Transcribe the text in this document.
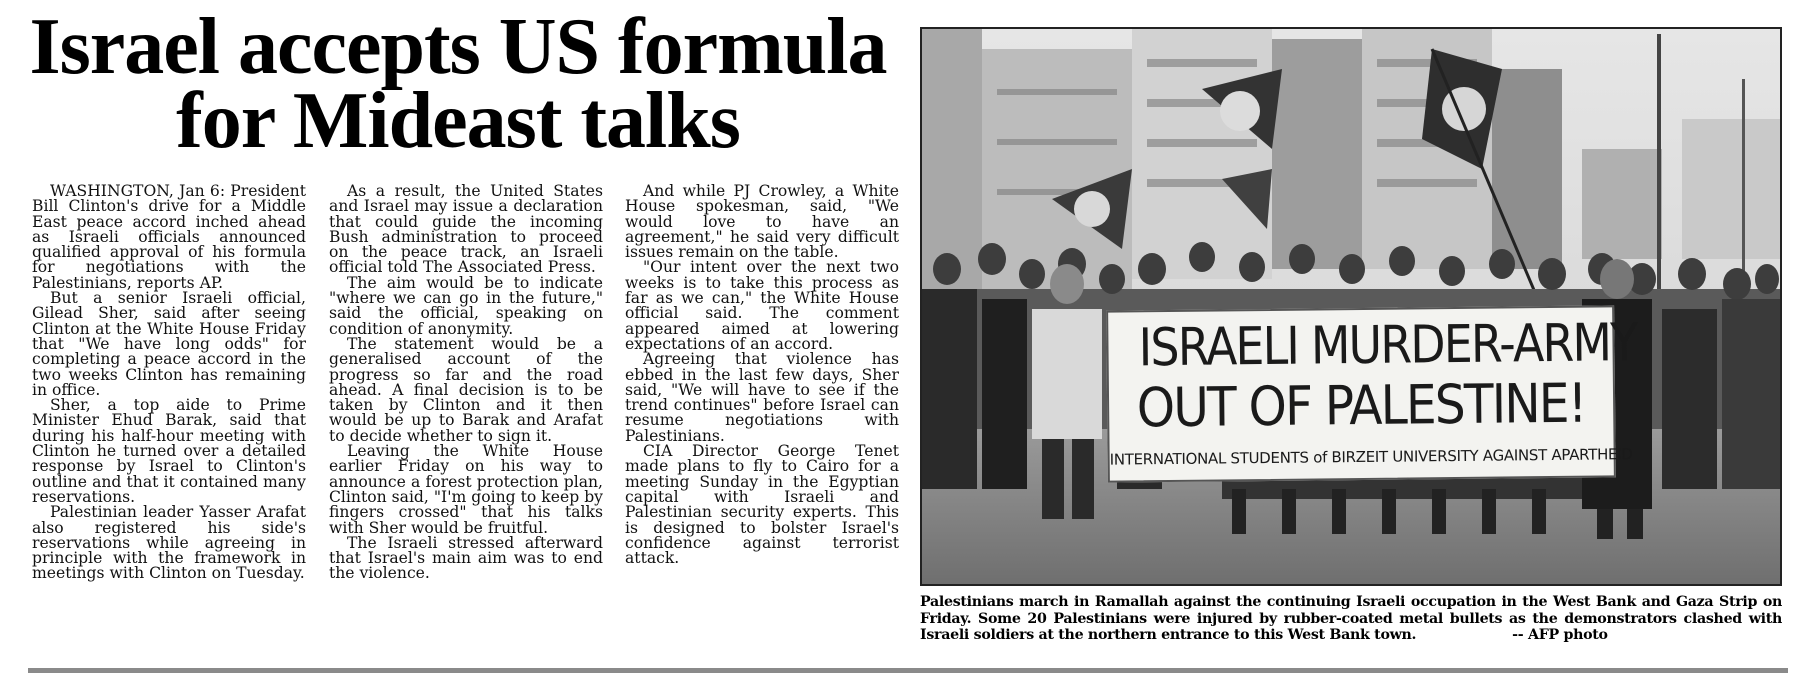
Israel accepts US formula
for Mideast talks

WASHINGTON, Jan 6: President Bill Clinton's drive for a Middle East peace accord inched ahead as Israeli officials announced qualified approval of his formula for negotiations with the Palestinians, reports AP.

But a senior Israeli official, Gilead Sher, said after seeing Clinton at the White House Friday that "We have long odds" for completing a peace accord in the two weeks Clinton has remaining in office.

Sher, a top aide to Prime Minister Ehud Barak, said that during his half-hour meeting with Clinton he turned over a detailed response by Israel to Clinton's outline and that it contained many reservations.

Palestinian leader Yasser Arafat also registered his side's reservations while agreeing in principle with the framework in meetings with Clinton on Tuesday.

As a result, the United States and Israel may issue a declaration that could guide the incoming Bush administration to proceed on the peace track, an Israeli official told The Associated Press.

The aim would be to indicate "where we can go in the future," said the official, speaking on condition of anonymity.

The statement would be a generalised account of the progress so far and the road ahead. A final decision is to be taken by Clinton and it then would be up to Barak and Arafat to decide whether to sign it.

Leaving the White House earlier Friday on his way to announce a forest protection plan, Clinton said, "I'm going to keep by fingers crossed" that his talks with Sher would be fruitful.

The Israeli stressed afterward that Israel's main aim was to end the violence.

And while PJ Crowley, a White House spokesman, said, "We would love to have an agreement," he said very difficult issues remain on the table.

"Our intent over the next two weeks is to take this process as far as we can," the White House official said. The comment appeared aimed at lowering expectations of an accord.

Agreeing that violence has ebbed in the last few days, Sher said, "We will have to see if the trend continues" before Israel can resume negotiations with Palestinians.

CIA Director George Tenet made plans to fly to Cairo for a meeting Sunday in the Egyptian capital with Israeli and Palestinian security experts. This is designed to bolster Israel's confidence against terrorist attack.

ISRAELI MURDER-ARMY
OUT OF PALESTINE!
INTERNATIONAL STUDENTS of BIRZEIT UNIVERSITY AGAINST APARTHEID

Palestinians march in Ramallah against the continuing Israeli occupation in the West Bank and Gaza Strip on Friday. Some 20 Palestinians were injured by rubber-coated metal bullets as the demonstrators clashed with Israeli soldiers at the northern entrance to this West Bank town.	-- AFP photo
